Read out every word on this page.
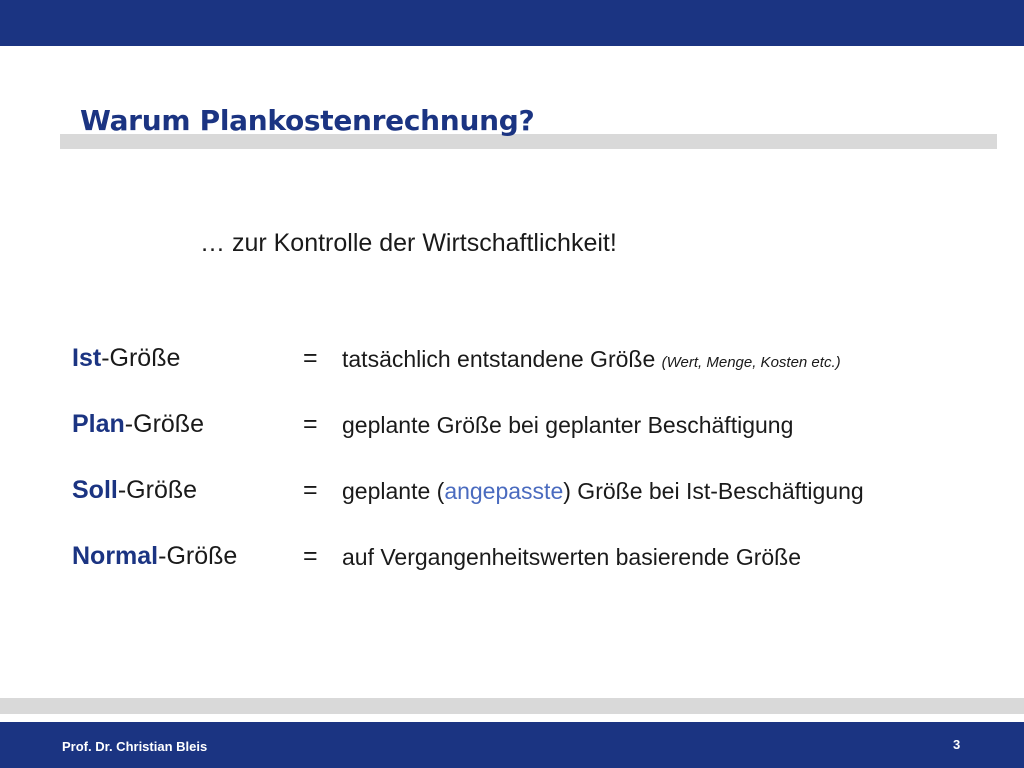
Warum Plankostenrechnung?
… zur Kontrolle der Wirtschaftlichkeit!
Ist-Größe	= tatsächlich entstandene Größe (Wert, Menge, Kosten etc.)
Plan-Größe	= geplante Größe bei geplanter Beschäftigung
Soll-Größe	= geplante (angepasste) Größe bei Ist-Beschäftigung
Normal-Größe	= auf Vergangenheitswerten basierende Größe
Prof. Dr. Christian Bleis	3
